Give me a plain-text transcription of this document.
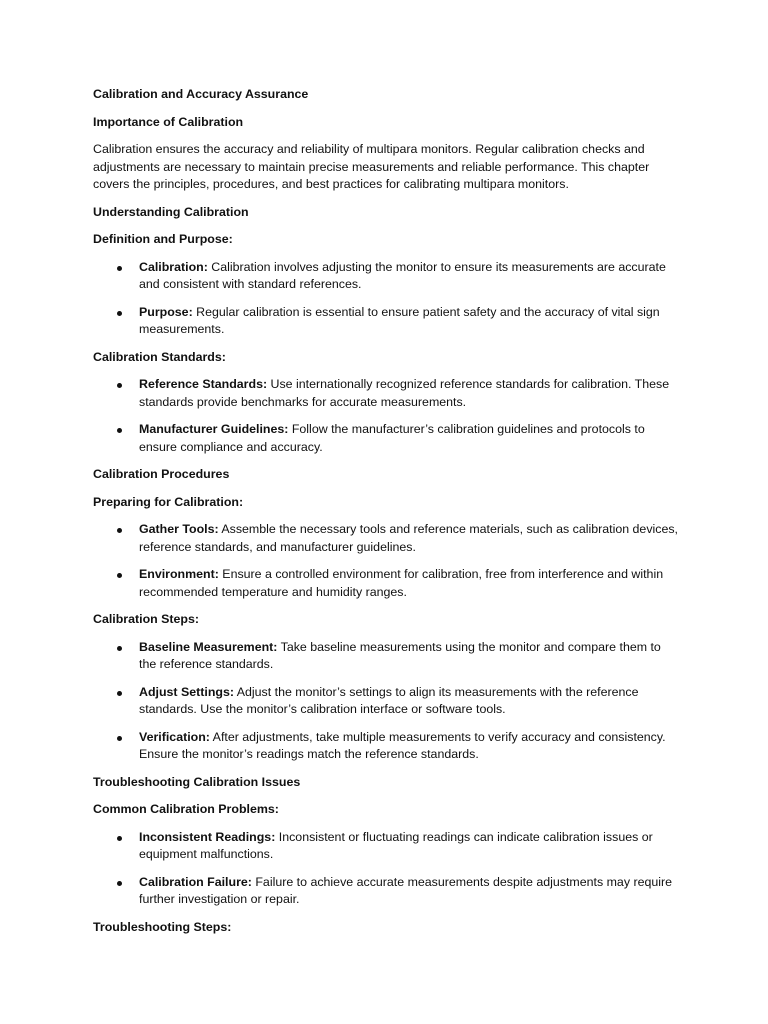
Calibration and Accuracy Assurance
Importance of Calibration
Calibration ensures the accuracy and reliability of multipara monitors. Regular calibration checks and adjustments are necessary to maintain precise measurements and reliable performance. This chapter covers the principles, procedures, and best practices for calibrating multipara monitors.
Understanding Calibration
Definition and Purpose:
Calibration: Calibration involves adjusting the monitor to ensure its measurements are accurate and consistent with standard references.
Purpose: Regular calibration is essential to ensure patient safety and the accuracy of vital sign measurements.
Calibration Standards:
Reference Standards: Use internationally recognized reference standards for calibration. These standards provide benchmarks for accurate measurements.
Manufacturer Guidelines: Follow the manufacturer’s calibration guidelines and protocols to ensure compliance and accuracy.
Calibration Procedures
Preparing for Calibration:
Gather Tools: Assemble the necessary tools and reference materials, such as calibration devices, reference standards, and manufacturer guidelines.
Environment: Ensure a controlled environment for calibration, free from interference and within recommended temperature and humidity ranges.
Calibration Steps:
Baseline Measurement: Take baseline measurements using the monitor and compare them to the reference standards.
Adjust Settings: Adjust the monitor’s settings to align its measurements with the reference standards. Use the monitor’s calibration interface or software tools.
Verification: After adjustments, take multiple measurements to verify accuracy and consistency. Ensure the monitor’s readings match the reference standards.
Troubleshooting Calibration Issues
Common Calibration Problems:
Inconsistent Readings: Inconsistent or fluctuating readings can indicate calibration issues or equipment malfunctions.
Calibration Failure: Failure to achieve accurate measurements despite adjustments may require further investigation or repair.
Troubleshooting Steps:
